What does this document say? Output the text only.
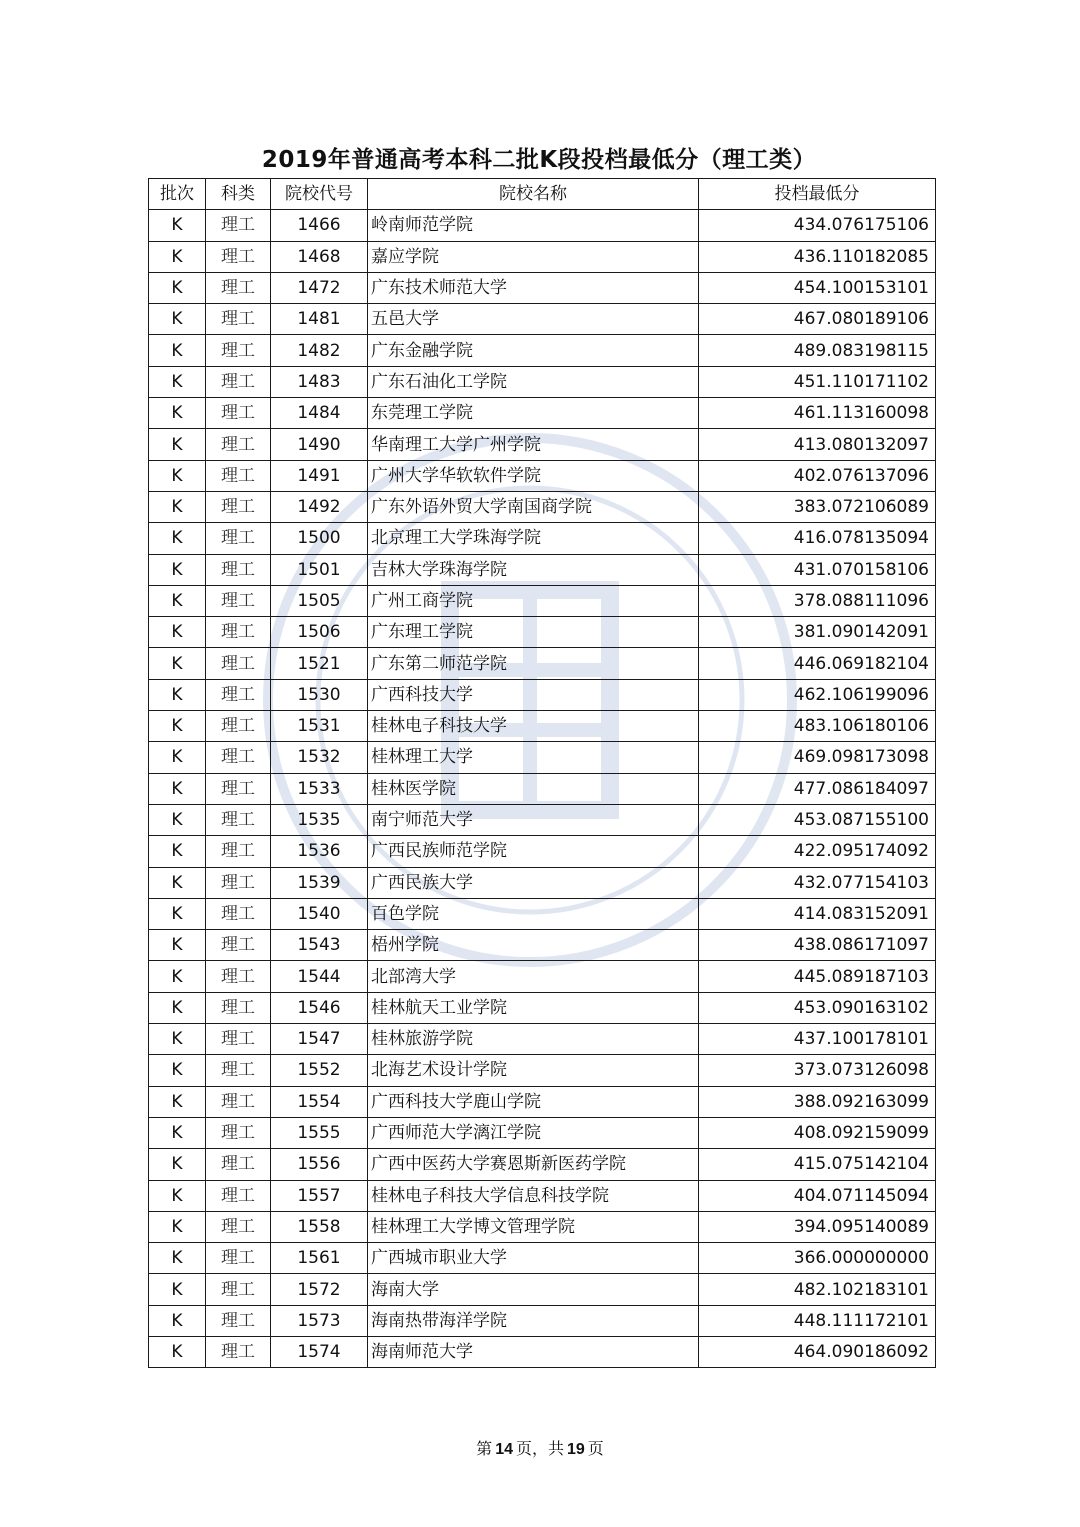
2019年普通高考本科二批K段投档最低分（理工类）
批次	科类	院校代号	院校名称	投档最低分
K	理工	1466	岭南师范学院	434.076175106
K	理工	1468	嘉应学院	436.110182085
K	理工	1472	广东技术师范大学	454.100153101
K	理工	1481	五邑大学	467.080189106
K	理工	1482	广东金融学院	489.083198115
K	理工	1483	广东石油化工学院	451.110171102
K	理工	1484	东莞理工学院	461.113160098
K	理工	1490	华南理工大学广州学院	413.080132097
K	理工	1491	广州大学华软软件学院	402.076137096
K	理工	1492	广东外语外贸大学南国商学院	383.072106089
K	理工	1500	北京理工大学珠海学院	416.078135094
K	理工	1501	吉林大学珠海学院	431.070158106
K	理工	1505	广州工商学院	378.088111096
K	理工	1506	广东理工学院	381.090142091
K	理工	1521	广东第二师范学院	446.069182104
K	理工	1530	广西科技大学	462.106199096
K	理工	1531	桂林电子科技大学	483.106180106
K	理工	1532	桂林理工大学	469.098173098
K	理工	1533	桂林医学院	477.086184097
K	理工	1535	南宁师范大学	453.087155100
K	理工	1536	广西民族师范学院	422.095174092
K	理工	1539	广西民族大学	432.077154103
K	理工	1540	百色学院	414.083152091
K	理工	1543	梧州学院	438.086171097
K	理工	1544	北部湾大学	445.089187103
K	理工	1546	桂林航天工业学院	453.090163102
K	理工	1547	桂林旅游学院	437.100178101
K	理工	1552	北海艺术设计学院	373.073126098
K	理工	1554	广西科技大学鹿山学院	388.092163099
K	理工	1555	广西师范大学漓江学院	408.092159099
K	理工	1556	广西中医药大学赛恩斯新医药学院	415.075142104
K	理工	1557	桂林电子科技大学信息科技学院	404.071145094
K	理工	1558	桂林理工大学博文管理学院	394.095140089
K	理工	1561	广西城市职业大学	366.000000000
K	理工	1572	海南大学	482.102183101
K	理工	1573	海南热带海洋学院	448.111172101
K	理工	1574	海南师范大学	464.090186092
第 14 页，共 19 页
